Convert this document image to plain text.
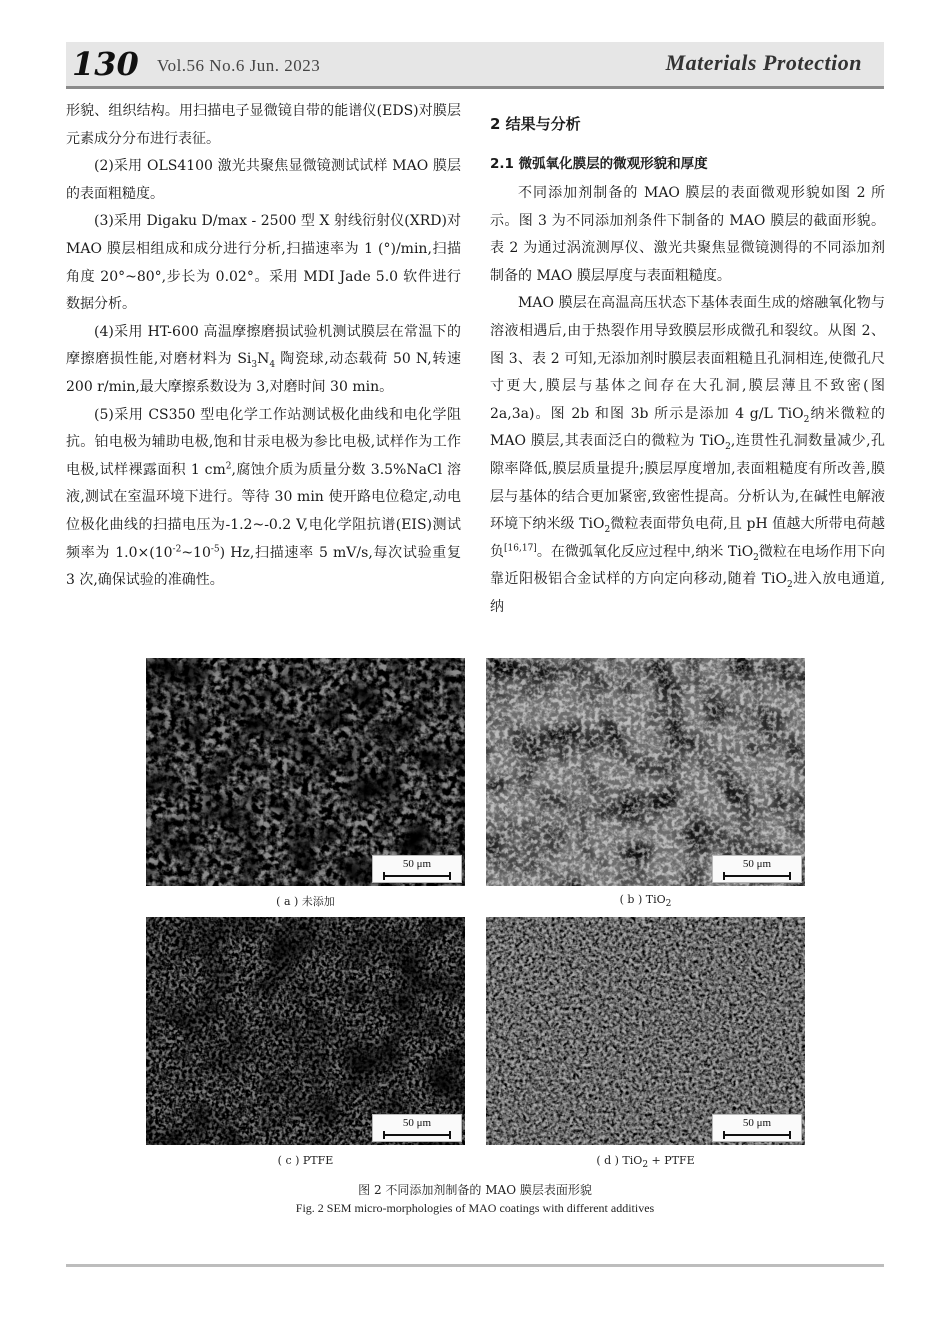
130 Vol.56 No.6 Jun. 2023	Materials Protection

形貌、组织结构。用扫描电子显微镜自带的能谱仪(EDS)对膜层元素成分分布进行表征。

(2)采用 OLS4100 激光共聚焦显微镜测试试样 MAO 膜层的表面粗糙度。

(3)采用 Digaku D/max - 2500 型 X 射线衍射仪(XRD)对 MAO 膜层相组成和成分进行分析,扫描速率为 1 (°)/min,扫描角度 20°~80°,步长为 0.02°。采用 MDI Jade 5.0 软件进行数据分析。

(4)采用 HT-600 高温摩擦磨损试验机测试膜层在常温下的摩擦磨损性能,对磨材料为 $Si_3N_4$ 陶瓷球,动态载荷 50 N,转速 200 r/min,最大摩擦系数设为 3,对磨时间 30 min。

(5)采用 CS350 型电化学工作站测试极化曲线和电化学阻抗。铂电极为辅助电极,饱和甘汞电极为参比电极,试样作为工作电极,试样裸露面积 1 $cm^2$,腐蚀介质为质量分数 3.5%NaCl 溶液,测试在室温环境下进行。等待 30 min 使开路电位稳定,动电位极化曲线的扫描电压为-1.2~-0.2 V,电化学阻抗谱(EIS)测试频率为 $1.0\times(10^{-2}\sim 10^{-5})$ Hz,扫描速率 5 mV/s,每次试验重复 3 次,确保试验的准确性。

2 结果与分析

2.1 微弧氧化膜层的微观形貌和厚度

不同添加剂制备的 MAO 膜层的表面微观形貌如图 2 所示。图 3 为不同添加剂条件下制备的 MAO 膜层的截面形貌。表 2 为通过涡流测厚仪、激光共聚焦显微镜测得的不同添加剂制备的 MAO 膜层厚度与表面粗糙度。

MAO 膜层在高温高压状态下基体表面生成的熔融氧化物与溶液相遇后,由于热裂作用导致膜层形成微孔和裂纹。从图 2、图 3、表 2 可知,无添加剂时膜层表面粗糙且孔洞相连,使微孔尺寸更大,膜层与基体之间存在大孔洞,膜层薄且不致密(图 2a,3a)。图 2b 和图 3b 所示是添加 4 g/L TiO$_2$纳米微粒的 MAO 膜层,其表面泛白的微粒为 TiO$_2$,连贯性孔洞数量减少,孔隙率降低,膜层质量提升;膜层厚度增加,表面粗糙度有所改善,膜层与基体的结合更加紧密,致密性提高。分析认为,在碱性电解液环境下纳米级 TiO$_2$微粒表面带负电荷,且 pH 值越大所带电荷越负[16,17]。在微弧氧化反应过程中,纳米 TiO$_2$微粒在电场作用下向靠近阳极铝合金试样的方向定向移动,随着 TiO$_2$进入放电通道, 纳

50 μm	50 μm
50 μm	50 μm
( a ) 未添加	( b ) TiO$_2$
( c ) PTFE	( d ) TiO$_2$ + PTFE
图 2 不同添加剂制备的 MAO 膜层表面形貌
Fig. 2 SEM micro-morphologies of MAO coatings with different additives
